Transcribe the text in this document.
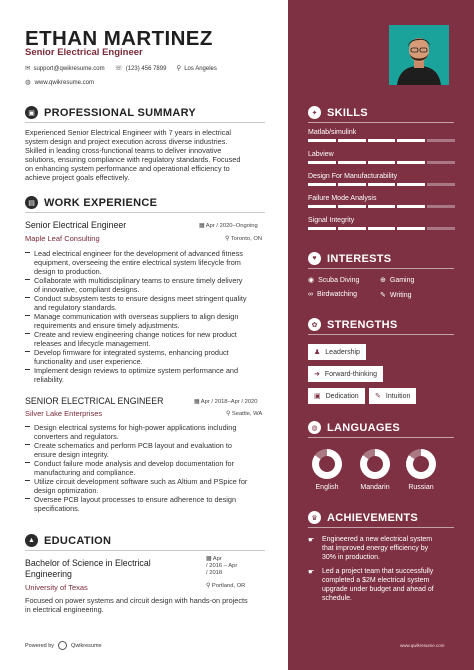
ETHAN MARTINEZ
Senior Electrical Engineer
✉ support@qwikresume.com ☏ (123) 456 7899 ⚲ Los Angeles
◍ www.qwikresume.com
▣ PROFESSIONAL SUMMARY
Experienced Senior Electrical Engineer with 7 years in electrical
system design and project execution across diverse industries.
Skilled in leading cross-functional teams to deliver innovative
solutions, ensuring compliance with regulatory standards. Focused
on enhancing system performance and operational efficiency to
achieve project goals effectively.
▤ WORK EXPERIENCE
Senior Electrical Engineer	▦ Apr / 2020–Ongoing
Maple Leaf Consulting	⚲ Toronto, ON
Lead electrical engineer for the development of advanced fitness
equipment, overseeing the entire electrical system lifecycle from
design to production.
Collaborate with multidisciplinary teams to ensure timely delivery
of innovative, compliant designs.
Conduct subsystem tests to ensure designs meet stringent quality
and regulatory standards.
Manage communication with overseas suppliers to align design
requirements and ensure timely adjustments.
Create and review engineering change notices for new product
releases and lifecycle management.
Develop firmware for integrated systems, enhancing product
functionality and user experience.
Implement design reviews to optimize system performance and
reliability.
SENIOR ELECTRICAL ENGINEER	▦ Apr / 2018–Apr / 2020
Silver Lake Enterprises	⚲ Seattle, WA
Design electrical systems for high-power applications including
converters and regulators.
Create schematics and perform PCB layout and evaluation to
ensure design integrity.
Conduct failure mode analysis and develop documentation for
manufacturing and compliance.
Utilize circuit development software such as Altium and PSpice for
design optimization.
Oversee PCB layout processes to ensure adherence to design
specifications.
▲ EDUCATION
Bachelor of Science in Electrical
Engineering
▦ Apr
/ 2016 – Apr
/ 2018
University of Texas	⚲ Portland, OR
Focused on power systems and circuit design with hands-on projects
in electrical engineering.
Powered by	Qwikresume
✦ SKILLS
Matlab/simulink
Labview
Design For Manufacturability
Failure Mode Analysis
Signal Integrity
♥ INTERESTS
◉ Scuba Diving	⊕ Gaming
∞ Birdwatching	✎ Writing
✿ STRENGTHS
♟ Leadership
➜ Forward-thinking
▣ Dedication ✎ Intuition
◍ LANGUAGES
English	Mandarin	Russian
♛ ACHIEVEMENTS
☛ Engineered a new electrical system
that improved energy efficiency by
30% in production.
☛ Led a project team that successfully
completed a $2M electrical system
upgrade under budget and ahead of
schedule.
www.qwikresume.com
